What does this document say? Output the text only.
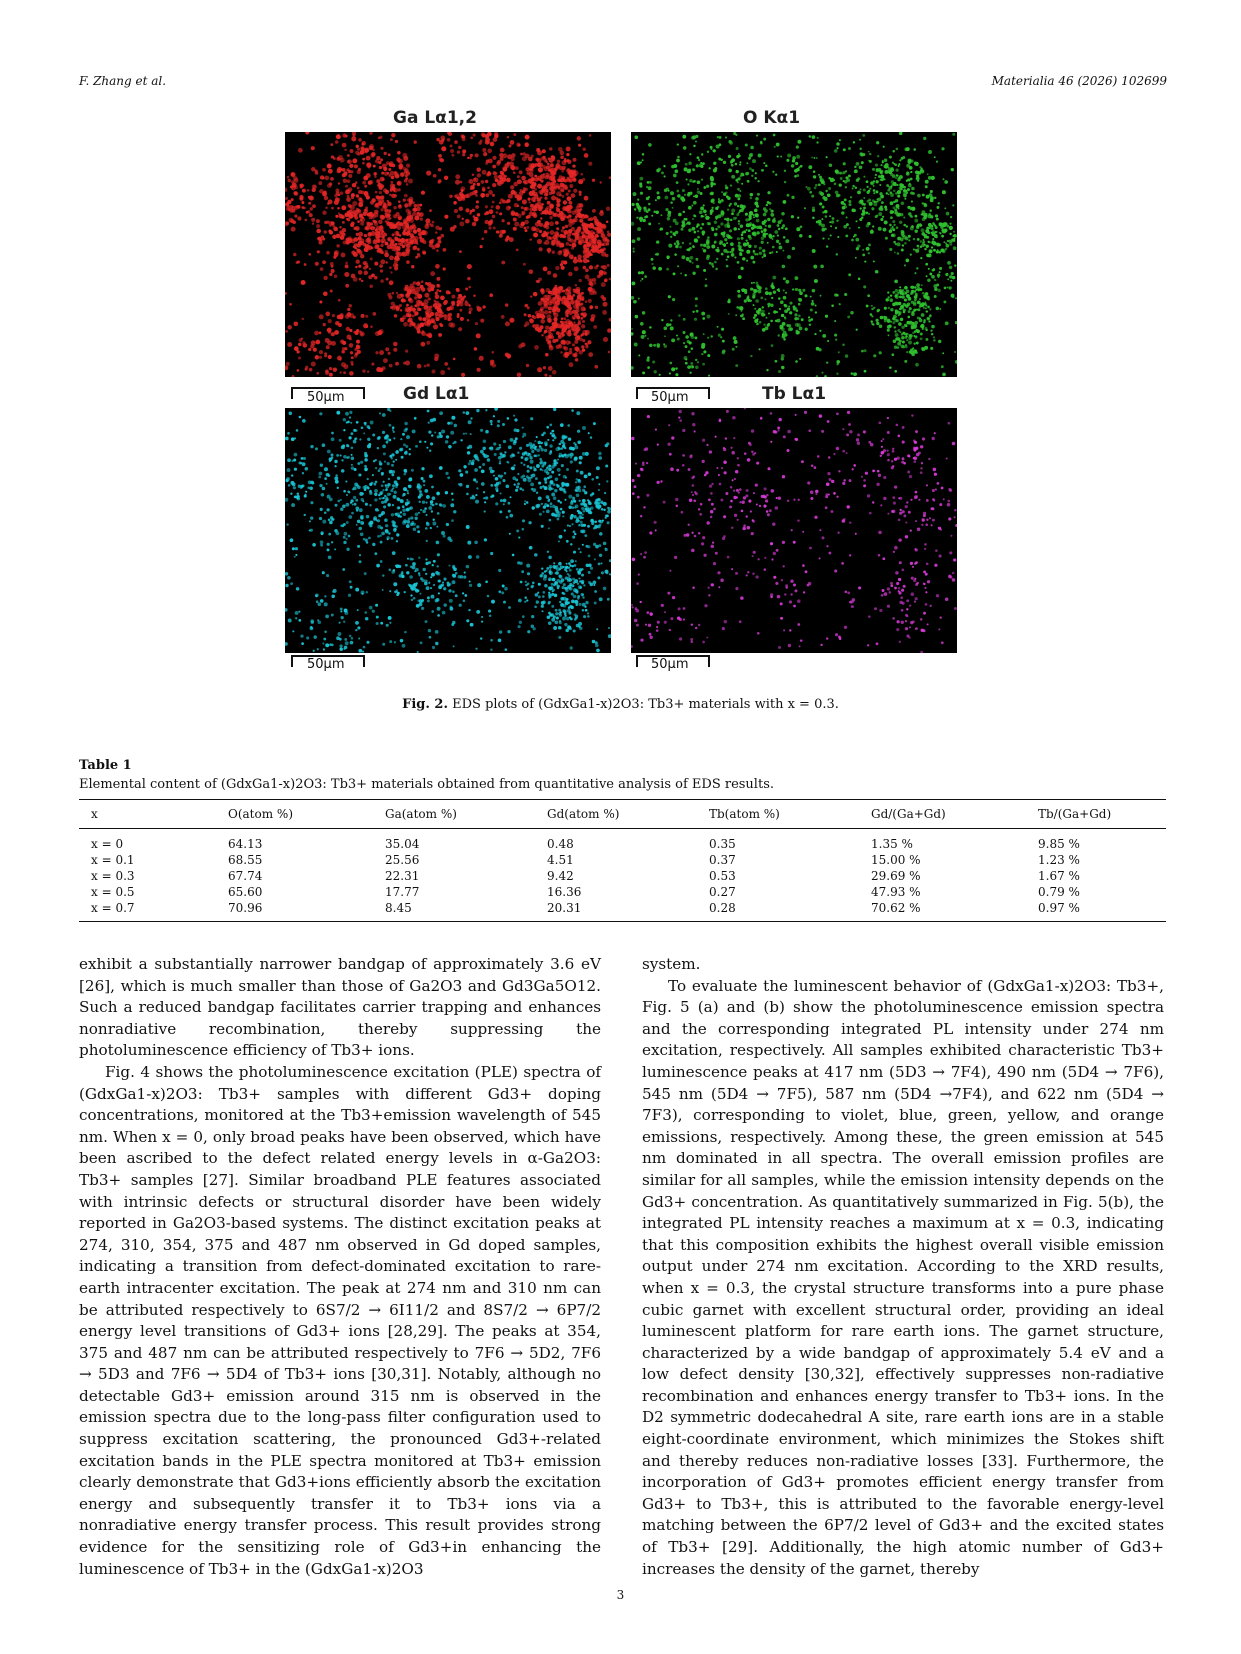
F. Zhang et al.	Materialia 46 (2026) 102699
Ga Lα1,2	O Kα1
50μm	50μm
Gd Lα1	Tb Lα1
50μm	50μm
Fig. 2. EDS plots of (GdxGa1-x)2O3: Tb3+ materials with x = 0.3.
Table 1
Elemental content of (GdxGa1-x)2O3: Tb3+ materials obtained from quantitative analysis of EDS results.
x	O(atom %)	Ga(atom %)	Gd(atom %)	Tb(atom %)	Gd/(Ga+Gd)	Tb/(Ga+Gd)
x = 0	64.13	35.04	0.48	0.35	1.35 %	9.85 %
x = 0.1	68.55	25.56	4.51	0.37	15.00 %	1.23 %
x = 0.3	67.74	22.31	9.42	0.53	29.69 %	1.67 %
x = 0.5	65.60	17.77	16.36	0.27	47.93 %	0.79 %
x = 0.7	70.96	8.45	20.31	0.28	70.62 %	0.97 %

exhibit a substantially narrower bandgap of approximately 3.6 eV [26], which is much smaller than those of Ga2O3 and Gd3Ga5O12. Such a reduced bandgap facilitates carrier trapping and enhances nonradiative recombination, thereby suppressing the photoluminescence efficiency of Tb3+ ions.

Fig. 4 shows the photoluminescence excitation (PLE) spectra of (GdxGa1-x)2O3: Tb3+ samples with different Gd3+ doping concentrations, monitored at the Tb3+emission wavelength of 545 nm. When x = 0, only broad peaks have been observed, which have been ascribed to the defect related energy levels in α-Ga2O3: Tb3+ samples [27]. Similar broadband PLE features associated with intrinsic defects or structural disorder have been widely reported in Ga2O3-based systems. The distinct excitation peaks at 274, 310, 354, 375 and 487 nm observed in Gd doped samples, indicating a transition from defect-dominated excitation to rare-earth intracenter excitation. The peak at 274 nm and 310 nm can be attributed respectively to 6S7/2 → 6I11/2 and 8S7/2 → 6P7/2 energy level transitions of Gd3+ ions [28,29]. The peaks at 354, 375 and 487 nm can be attributed respectively to 7F6 → 5D2, 7F6 → 5D3 and 7F6 → 5D4 of Tb3+ ions [30,31]. Notably, although no detectable Gd3+ emission around 315 nm is observed in the emission spectra due to the long-pass filter configuration used to suppress excitation scattering, the pronounced Gd3+-related excitation bands in the PLE spectra monitored at Tb3+ emission clearly demonstrate that Gd3+ions efficiently absorb the excitation energy and subsequently transfer it to Tb3+ ions via a nonradiative energy transfer process. This result provides strong evidence for the sensitizing role of Gd3+in enhancing the luminescence of Tb3+ in the (GdxGa1-x)2O3

system.

To evaluate the luminescent behavior of (GdxGa1-x)2O3: Tb3+, Fig. 5 (a) and (b) show the photoluminescence emission spectra and the corresponding integrated PL intensity under 274 nm excitation, respectively. All samples exhibited characteristic Tb3+ luminescence peaks at 417 nm (5D3 → 7F4), 490 nm (5D4 → 7F6), 545 nm (5D4 → 7F5), 587 nm (5D4 →7F4), and 622 nm (5D4 → 7F3), corresponding to violet, blue, green, yellow, and orange emissions, respectively. Among these, the green emission at 545 nm dominated in all spectra. The overall emission profiles are similar for all samples, while the emission intensity depends on the Gd3+ concentration. As quantitatively summarized in Fig. 5(b), the integrated PL intensity reaches a maximum at x = 0.3, indicating that this composition exhibits the highest overall visible emission output under 274 nm excitation. According to the XRD results, when x = 0.3, the crystal structure transforms into a pure phase cubic garnet with excellent structural order, providing an ideal luminescent platform for rare earth ions. The garnet structure, characterized by a wide bandgap of approximately 5.4 eV and a low defect density [30,32], effectively suppresses non-radiative recombination and enhances energy transfer to Tb3+ ions. In the D2 symmetric dodecahedral A site, rare earth ions are in a stable eight-coordinate environment, which minimizes the Stokes shift and thereby reduces non-radiative losses [33]. Furthermore, the incorporation of Gd3+ promotes efficient energy transfer from Gd3+ to Tb3+, this is attributed to the favorable energy-level matching between the 6P7/2 level of Gd3+ and the excited states of Tb3+ [29]. Additionally, the high atomic number of Gd3+ increases the density of the garnet, thereby

3
